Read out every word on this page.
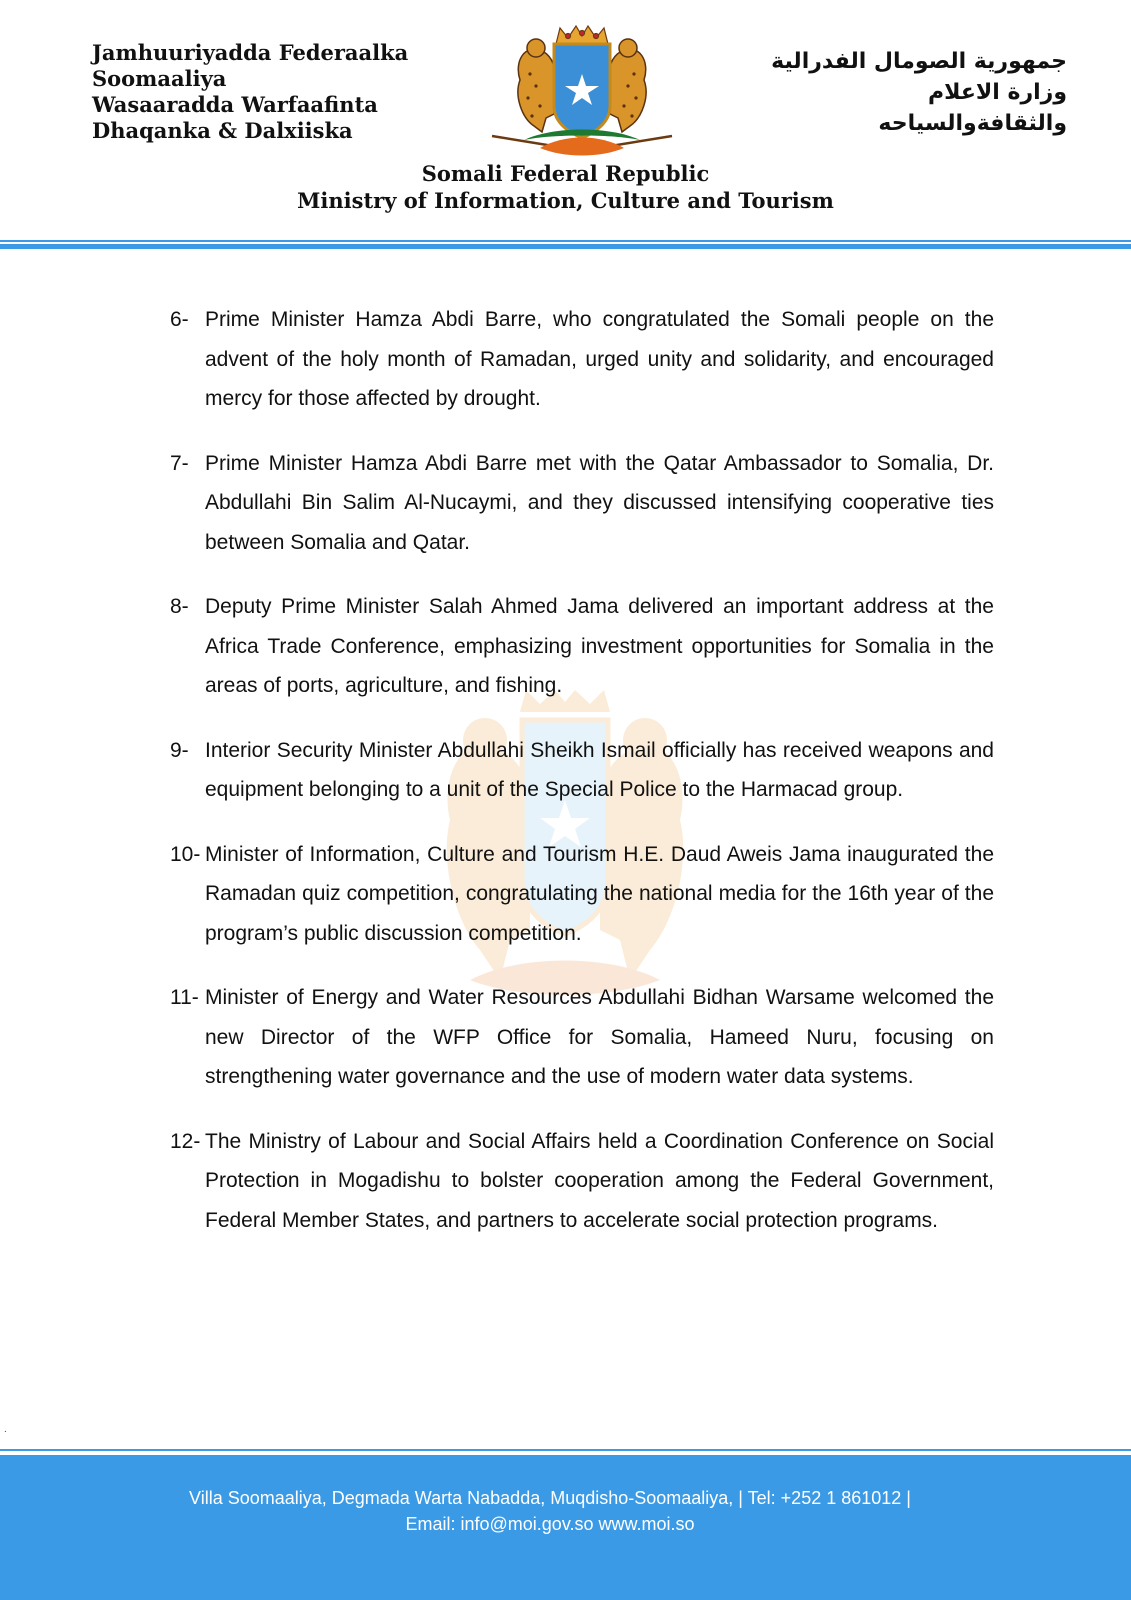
Jamhuuriyadda Federaalka
Soomaaliya
Wasaaradda Warfaafinta
Dhaqanka & Dalxiiska
جمهورية الصومال الفدرالية
وزارة الاعلام
والثقافةوالسياحه
Somali Federal Republic
Ministry of Information, Culture and Tourism
6- Prime Minister Hamza Abdi Barre, who congratulated the Somali people on the advent of the holy month of Ramadan, urged unity and solidarity, and encouraged mercy for those affected by drought.
7- Prime Minister Hamza Abdi Barre met with the Qatar Ambassador to Somalia, Dr. Abdullahi Bin Salim Al-Nucaymi, and they discussed intensifying cooperative ties between Somalia and Qatar.
8- Deputy Prime Minister Salah Ahmed Jama delivered an important address at the Africa Trade Conference, emphasizing investment opportunities for Somalia in the areas of ports, agriculture, and fishing.
9- Interior Security Minister Abdullahi Sheikh Ismail officially has received weapons and equipment belonging to a unit of the Special Police to the Harmacad group.
10- Minister of Information, Culture and Tourism H.E. Daud Aweis Jama inaugurated the Ramadan quiz competition, congratulating the national media for the 16th year of the program’s public discussion competition.
11- Minister of Energy and Water Resources Abdullahi Bidhan Warsame welcomed the new Director of the WFP Office for Somalia, Hameed Nuru, focusing on strengthening water governance and the use of modern water data systems.
12- The Ministry of Labour and Social Affairs held a Coordination Conference on Social Protection in Mogadishu to bolster cooperation among the Federal Government, Federal Member States, and partners to accelerate social protection programs.
.
Villa Soomaaliya, Degmada Warta Nabadda, Muqdisho-Soomaaliya, | Tel: +252 1 861012 |
Email: info@moi.gov.so www.moi.so
